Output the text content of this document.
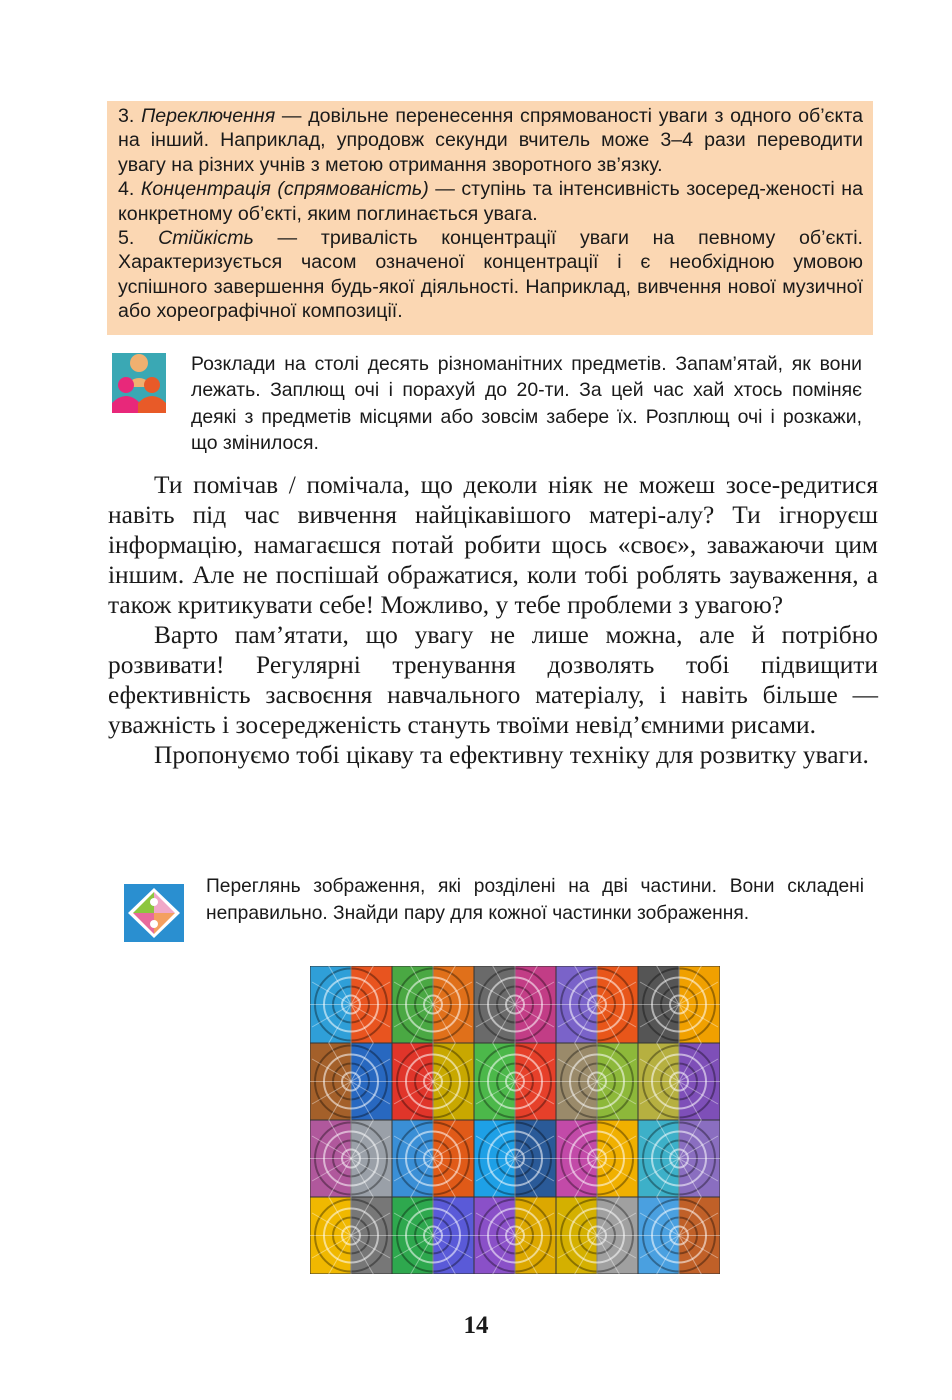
3. Переключення — довільне перенесення спрямованості уваги з одного об’єкта на інший. Наприклад, упродовж секунди вчитель може 3–4 рази переводити увагу на різних учнів з метою отримання зворотного зв’язку.

4. Концентрація (спрямованість) — ступінь та інтенсивність зосеред-женості на конкретному об’єкті, яким поглинається увага.

5. Стійкість — тривалість концентрації уваги на певному об’єкті. Характеризується часом означеної концентрації і є необхідною умовою успішного завершення будь-якої діяльності. Наприклад, вивчення нової музичної або хореографічної композиції.

Розклади на столі десять різноманітних предметів. Запам’ятай, як вони лежать. Заплющ очі і порахуй до 20-ти. За цей час хай хтось поміняє деякі з предметів місцями або зовсім забере їх. Розплющ очі і розкажи, що змінилося.

Ти помічав / помічала, що деколи ніяк не можеш зосе-редитися навіть під час вивчення найцікавішого матері-алу? Ти ігноруєш інформацію, намагаєшся потай робити щось «своє», заважаючи цим іншим. Але не поспішай ображатися, коли тобі роблять зауваження, а також критикувати себе! Можливо, у тебе проблеми з увагою?

Варто пам’ятати, що увагу не лише можна, але й потрібно розвивати! Регулярні тренування дозволять тобі підвищити ефективність засвоєння навчального матеріалу, і навіть більше — уважність і зосередженість стануть твоїми невід’ємними рисами.

Пропонуємо тобі цікаву та ефективну техніку для розвитку уваги.

Переглянь зображення, які розділені на дві частини. Вони складені неправильно. Знайди пару для кожної частинки зображення.
14
